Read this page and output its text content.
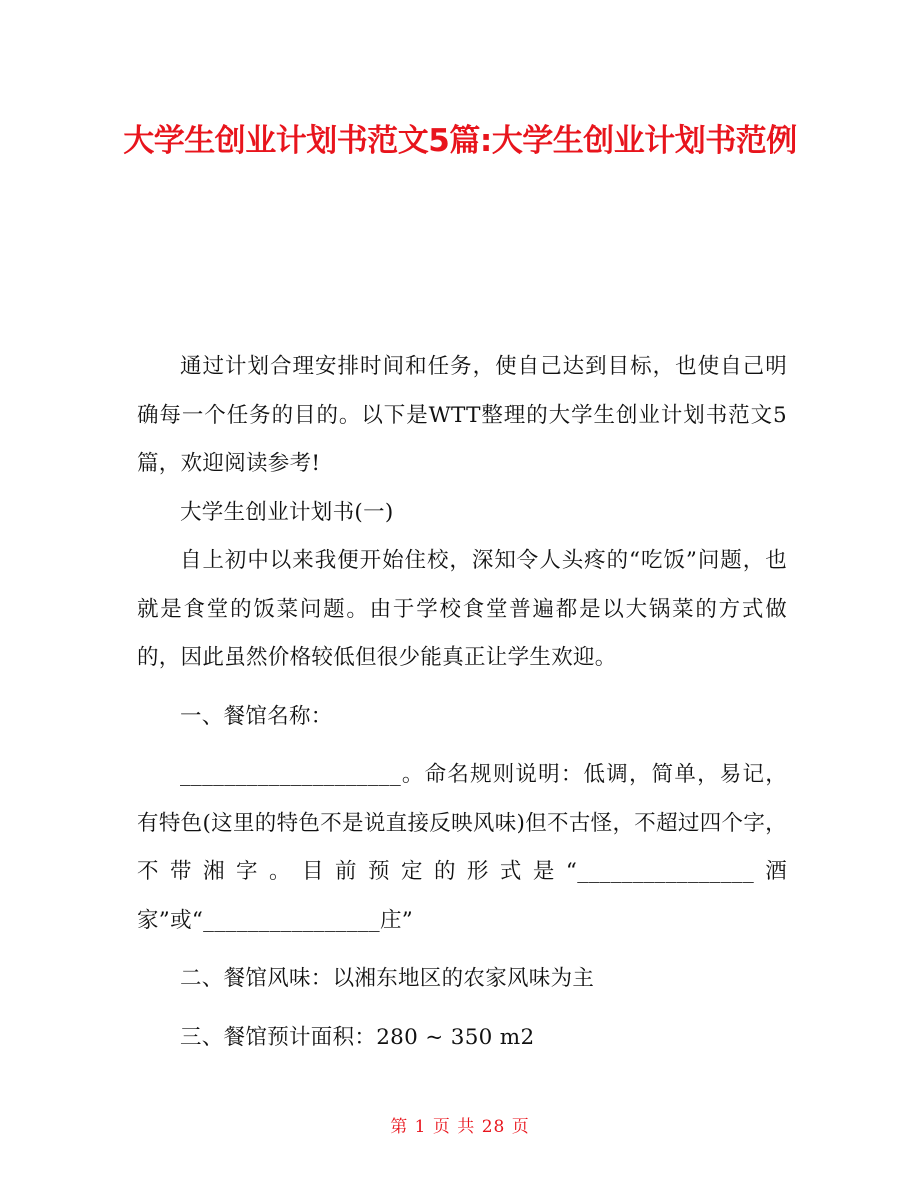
大学生创业计划书范文5篇:大学生创业计划书范例

通过计划合理安排时间和任务，使自己达到目标，也使自己明确每一个任务的目的。以下是WTT整理的大学生创业计划书范文5篇，欢迎阅读参考!

大学生创业计划书(一)

自上初中以来我便开始住校，深知令人头疼的“吃饭”问题，也就是食堂的饭菜问题。由于学校食堂普遍都是以大锅菜的方式做的，因此虽然价格较低但很少能真正让学生欢迎。

一、餐馆名称：

____________________。命名规则说明：低调，简单，易记，有特色(这里的特色不是说直接反映风味)但不古怪，不超过四个字，不带湘字。目前预定的形式是“________________酒家”或“________________庄”

二、餐馆风味：以湘东地区的农家风味为主

三、餐馆预计面积：280 ~ 350 m2

第 1 页 共 28 页
